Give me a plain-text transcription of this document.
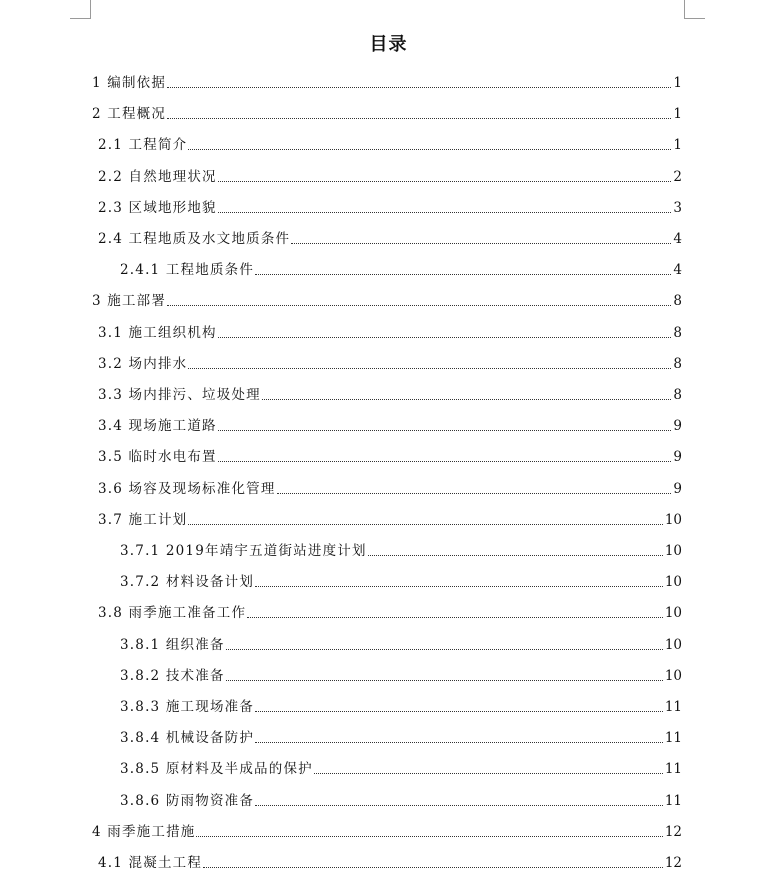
目录
1 编制依据	1
2 工程概况	1
2.1 工程简介	1
2.2 自然地理状况	2
2.3 区域地形地貌	3
2.4 工程地质及水文地质条件	4
2.4.1 工程地质条件	4
3 施工部署	8
3.1 施工组织机构	8
3.2 场内排水	8
3.3 场内排污、垃圾处理	8
3.4 现场施工道路	9
3.5 临时水电布置	9
3.6 场容及现场标准化管理	9
3.7 施工计划	10
3.7.1 2019年靖宇五道街站进度计划	10
3.7.2 材料设备计划	10
3.8 雨季施工准备工作	10
3.8.1 组织准备	10
3.8.2 技术准备	10
3.8.3 施工现场准备	11
3.8.4 机械设备防护	11
3.8.5 原材料及半成品的保护	11
3.8.6 防雨物资准备	11
4 雨季施工措施	12
4.1 混凝土工程	12
